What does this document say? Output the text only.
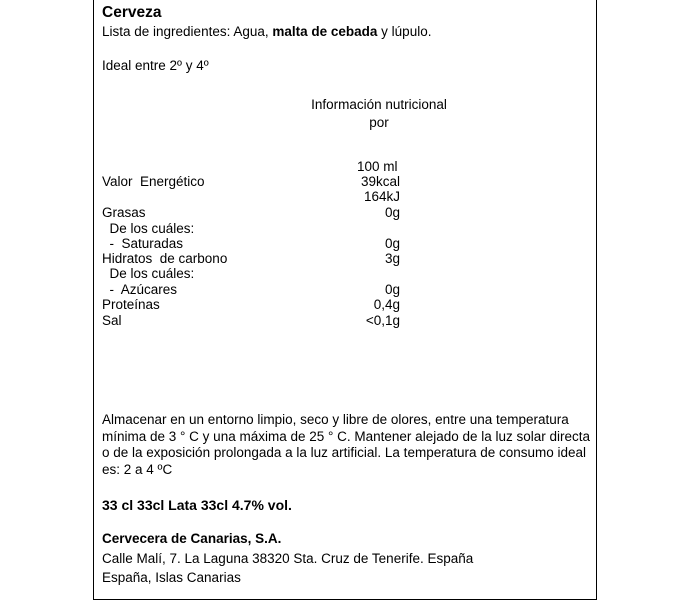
Cerveza
Lista de ingredientes: Agua, malta de cebada y lúpulo.
Ideal entre 2º y 4º
Información nutricional
por
100 ml
Valor  Energético	39kcal
164kJ
Grasas	0g
De los cuáles:
-  Saturadas	0g
Hidratos  de carbono	3g
De los cuáles:
-  Azúcares	0g
Proteínas	0,4g
Sal	<0,1g
Almacenar en un entorno limpio, seco y libre de olores, entre una temperatura mínima de 3 ° C y una máxima de 25 ° C. Mantener alejado de la luz solar directa o de la exposición prolongada a la luz artificial. La temperatura de consumo ideal es: 2 a 4 ºC
33 cl 33cl Lata 33cl 4.7% vol.
Cervecera de Canarias, S.A.
Calle Malí, 7. La Laguna 38320 Sta. Cruz de Tenerife. España
España, Islas Canarias
